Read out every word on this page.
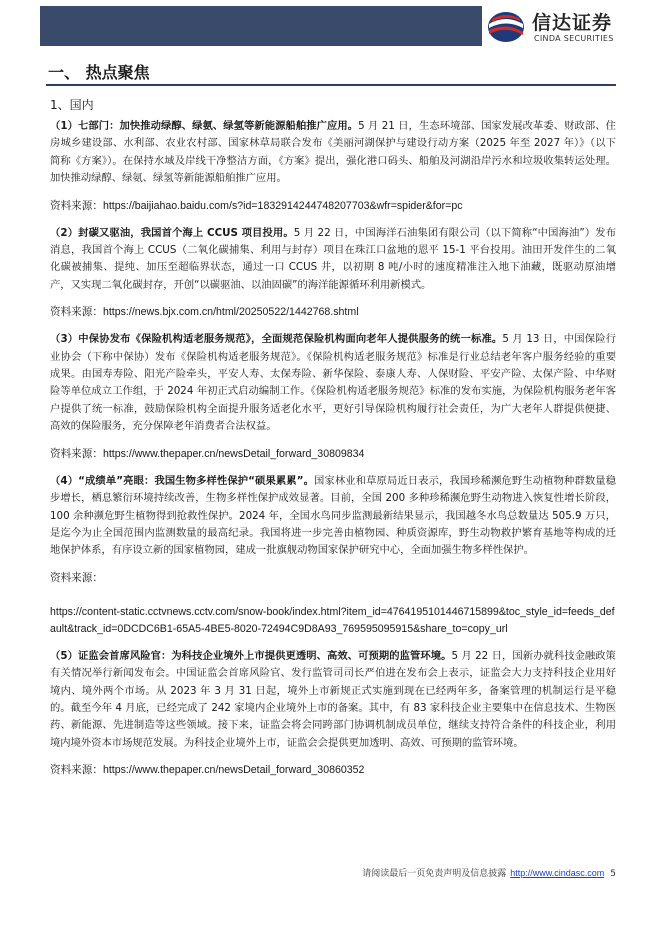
信达证券
CINDA SECURITIES
一、 热点聚焦
1、国内

（1）七部门：加快推动绿醇、绿氨、绿氢等新能源船舶推广应用。5 月 21 日，生态环境部、国家发展改革委、财政部、住房城乡建设部、水利部、农业农村部、国家林草局联合发布《美丽河湖保护与建设行动方案（2025 年至 2027 年）》（以下简称《方案》）。在保持水域及岸线干净整洁方面，《方案》提出，强化港口码头、船舶及河湖沿岸污水和垃圾收集转运处理。加快推动绿醇、绿氨、绿氢等新能源船舶推广应用。

资料来源：https://baijiahao.baidu.com/s?id=1832914244748207703&wfr=spider&for=pc

（2）封碳又驱油，我国首个海上 CCUS 项目投用。5 月 22 日，中国海洋石油集团有限公司（以下简称“中国海油”）发布消息，我国首个海上 CCUS（二氧化碳捕集、利用与封存）项目在珠江口盆地的恩平 15-1 平台投用。油田开发伴生的二氧化碳被捕集、提纯、加压至超临界状态，通过一口 CCUS 井，以初期 8 吨/小时的速度精准注入地下油藏，既驱动原油增产，又实现二氧化碳封存，开创“以碳驱油、以油固碳”的海洋能源循环利用新模式。

资料来源：https://news.bjx.com.cn/html/20250522/1442768.shtml

（3）中保协发布《保险机构适老服务规范》，全面规范保险机构面向老年人提供服务的统一标准。5 月 13 日，中国保险行业协会（下称中保协）发布《保险机构适老服务规范》。《保险机构适老服务规范》标准是行业总结老年客户服务经验的重要成果。由国寿寿险、阳光产险牵头，平安人寿、太保寿险、新华保险、泰康人寿、人保财险、平安产险、太保产险、中华财险等单位成立工作组，于 2024 年初正式启动编制工作。《保险机构适老服务规范》标准的发布实施，为保险机构服务老年客户提供了统一标准，鼓励保险机构全面提升服务适老化水平，更好引导保险机构履行社会责任，为广大老年人群提供便捷、高效的保险服务，充分保障老年消费者合法权益。

资料来源：https://www.thepaper.cn/newsDetail_forward_30809834

（4）“成绩单”亮眼：我国生物多样性保护“硕果累累”。国家林业和草原局近日表示，我国珍稀濒危野生动植物种群数量稳步增长，栖息繁衍环境持续改善，生物多样性保护成效显著。目前，全国 200 多种珍稀濒危野生动物进入恢复性增长阶段，100 余种濒危野生植物得到抢救性保护。2024 年，全国水鸟同步监测最新结果显示，我国越冬水鸟总数量达 505.9 万只，是迄今为止全国范围内监测数量的最高纪录。我国将进一步完善由植物园、种质资源库，野生动物救护繁育基地等构成的迁地保护体系，有序设立新的国家植物园，建成一批旗舰动物国家保护研究中心，全面加强生物多样性保护。

资料来源：

https://content-static.cctvnews.cctv.com/snow-book/index.html?item_id=4764195101446715899&toc_style_id=feeds_default&track_id=0DCDC6B1-65A5-4BE5-8020-72494C9D8A93_769595095915&share_to=copy_url

（5）证监会首席风险官：为科技企业境外上市提供更透明、高效、可预期的监管环境。5 月 22 日，国新办就科技金融政策有关情况举行新闻发布会。中国证监会首席风险官、发行监管司司长严伯进在发布会上表示，证监会大力支持科技企业用好境内、境外两个市场。从 2023 年 3 月 31 日起，境外上市新规正式实施到现在已经两年多，备案管理的机制运行是平稳的。截至今年 4 月底，已经完成了 242 家境内企业境外上市的备案。其中，有 83 家科技企业主要集中在信息技术、生物医药、新能源、先进制造等这些领域。接下来，证监会将会同跨部门协调机制成员单位，继续支持符合条件的科技企业，利用境内境外资本市场规范发展。为科技企业境外上市，证监会会提供更加透明、高效、可预期的监管环境。

资料来源：https://www.thepaper.cn/newsDetail_forward_30860352
请阅读最后一页免责声明及信息披露 http://www.cindasc.com 5
